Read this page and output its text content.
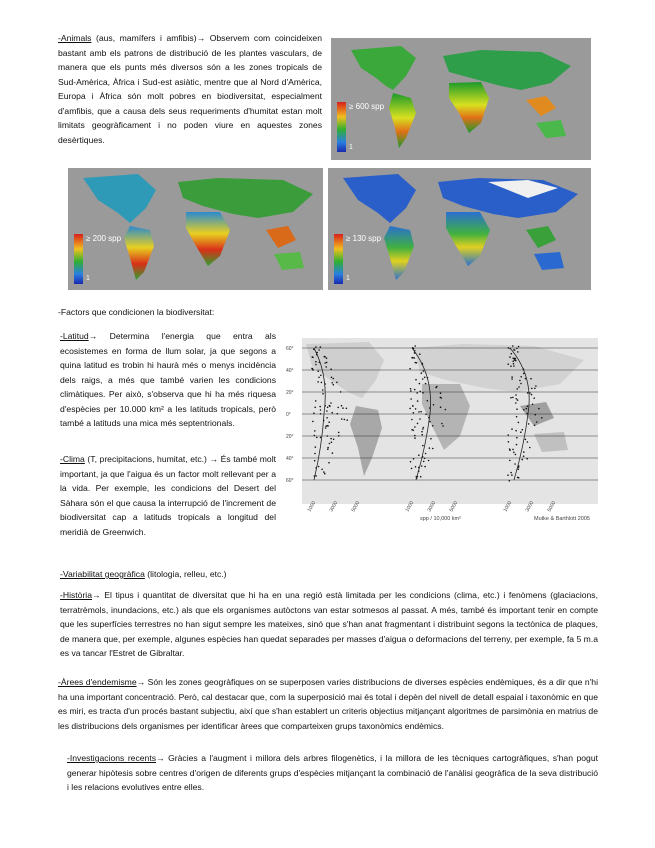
-Animals (aus, mamífers i amfibis)→ Observem com coincideixen bastant amb els patrons de distribució de les plantes vasculars, de manera que els punts més diversos són a les zones tropicals de Sud-Amèrica, Àfrica i Sud-est asiàtic, mentre que al Nord d'Amèrica, Europa i Àfrica són molt pobres en biodiversitat, especialment d'amfibis, que a causa dels seus requeriments d'humitat estan molt limitats geogràficament i no poden viure en aquestes zones desèrtiques.
≥ 600 spp
1
≥ 200 spp
1
≥ 130 spp
1
-Factors que condicionen la biodiversitat:
-Latitud→ Determina l'energia que entra als ecosistemes en forma de llum solar, ja que segons a quina latitud es trobin hi haurà més o menys incidència dels raigs, a més que també varien les condicions climàtiques. Per això, s'observa que hi ha més riquesa d'espècies per 10.000 km² a les latituds tropicals, però també a latituds una mica més septentrionals.
-Clima (T, precipitacions, humitat, etc.) → És també molt important, ja que l'aigua és un factor molt rellevant per a la vida. Per exemple, les condicions del Desert del Sàhara són el que causa la interrupció de l'increment de biodiversitat cap a latituds tropicals a longitud del meridià de Greenwich.
60°
40°
20°
0°
20°
40°
60°
1000 3000 5000	1000 3000 5000	1000 3000 5000
spp / 10,000 km²	Mutke & Barthlott 2005
-Variabilitat geogràfica (litologia, relleu, etc.)
-Història→ El tipus i quantitat de diversitat que hi ha en una regió està limitada per les condicions (clima, etc.) i fenòmens (glaciacions, terratrèmols, inundacions, etc.) als que els organismes autòctons van estar sotmesos al passat. A més, també és important tenir en compte que les superfícies terrestres no han sigut sempre les mateixes, sinó que s'han anat fragmentant i distribuint segons la tectònica de plaques, de manera que, per exemple, algunes espècies han quedat separades per masses d'aigua o deformacions del terreny, per exemple, fa 5 m.a es va tancar l'Estret de Gibraltar.
-Àrees d'endemisme→ Són les zones geogràfiques on se superposen varies distribucions de diverses espècies endèmiques, és a dir que n'hi ha una important concentració. Però, cal destacar que, com la superposició mai és total i depèn del nivell de detall espaial i taxonòmic en que es miri, es tracta d'un procés bastant subjectiu, així que s'han establert un criteris objectius mitjançant algoritmes de parsimònia en matrius de les distribucions dels organismes per identificar àrees que comparteixen grups taxonòmics endèmics.
-Investigacions recents→ Gràcies a l'augment i millora dels arbres filogenètics, i la millora de les tècniques cartogràfiques, s'han pogut generar hipòtesis sobre centres d'origen de diferents grups d'espècies mitjançant la combinació de l'anàlisi geogràfica de la seva distribució i les relacions evolutives entre elles.
